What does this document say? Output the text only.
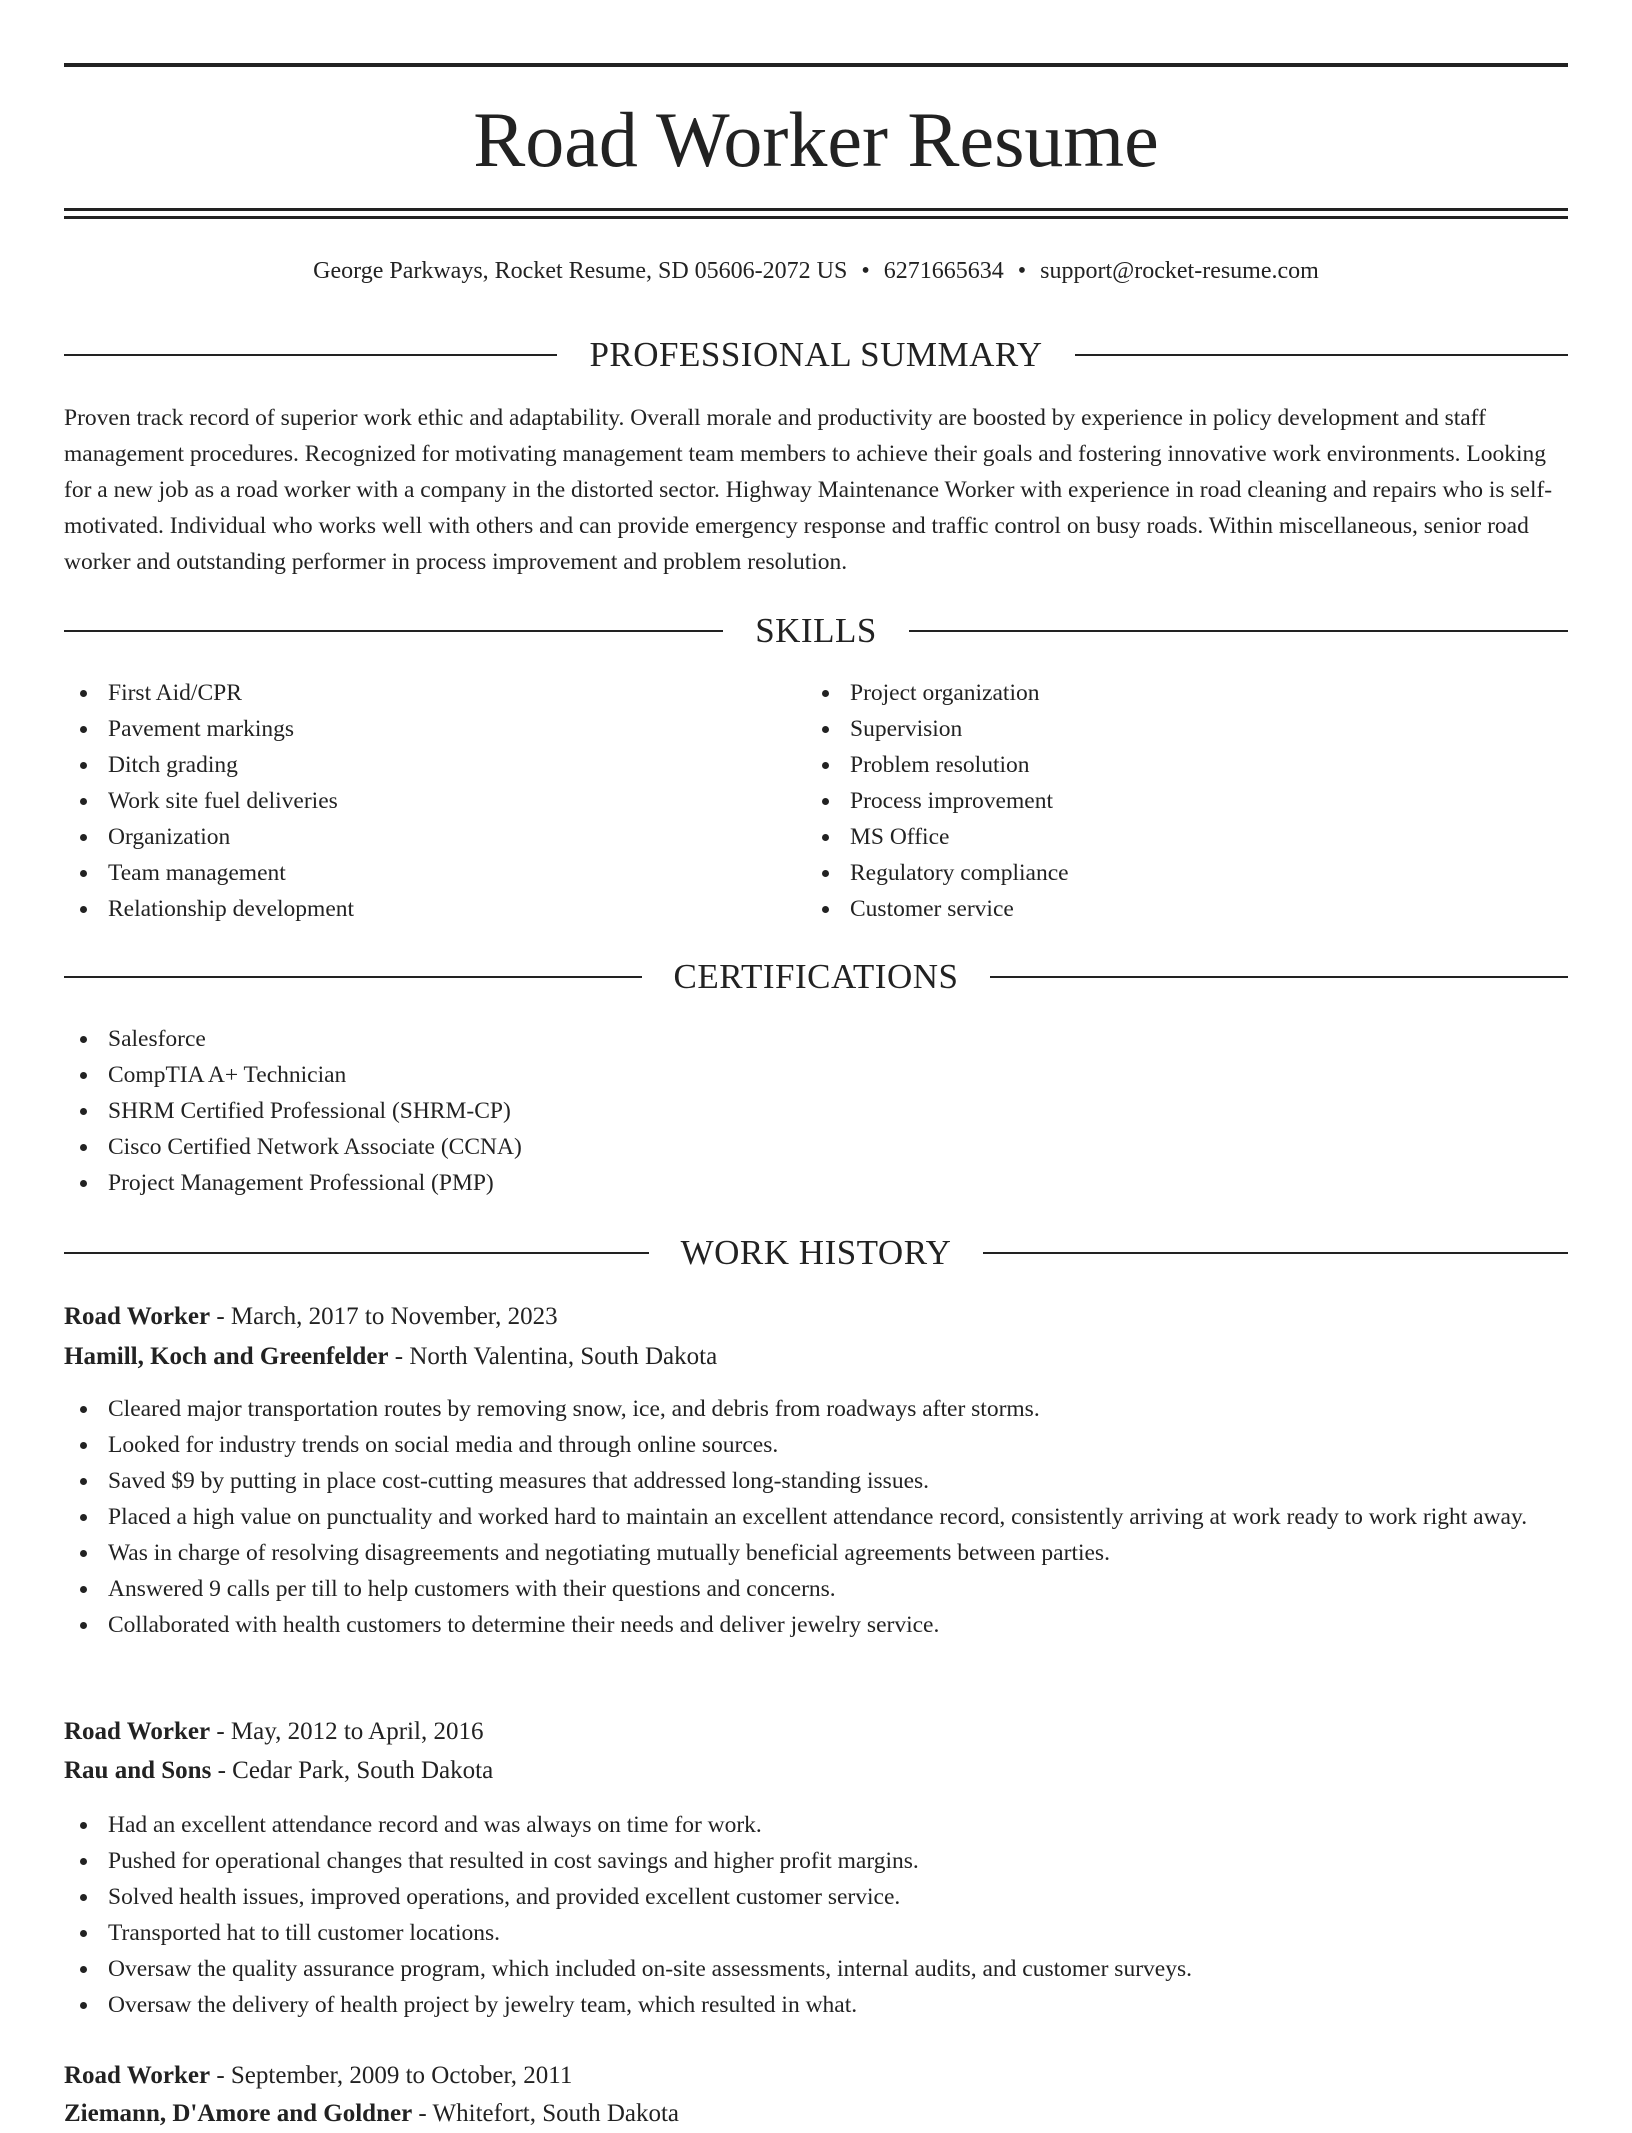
Road Worker Resume
George Parkways, Rocket Resume, SD 05606-2072 US • 6271665634 • support@rocket-resume.com
PROFESSIONAL SUMMARY

Proven track record of superior work ethic and adaptability. Overall morale and productivity are boosted by experience in policy development and staff management procedures. Recognized for motivating management team members to achieve their goals and fostering innovative work environments. Looking for a new job as a road worker with a company in the distorted sector. Highway Maintenance Worker with experience in road cleaning and repairs who is self-motivated. Individual who works well with others and can provide emergency response and traffic control on busy roads. Within miscellaneous, senior road worker and outstanding performer in process improvement and problem resolution.

SKILLS
First Aid/CPR
Pavement markings
Ditch grading
Work site fuel deliveries
Organization
Team management
Relationship development
Project organization
Supervision
Problem resolution
Process improvement
MS Office
Regulatory compliance
Customer service
CERTIFICATIONS
Salesforce
CompTIA A+ Technician
SHRM Certified Professional (SHRM-CP)
Cisco Certified Network Associate (CCNA)
Project Management Professional (PMP)
WORK HISTORY
Road Worker - March, 2017 to November, 2023
Hamill, Koch and Greenfelder - North Valentina, South Dakota
Cleared major transportation routes by removing snow, ice, and debris from roadways after storms.
Looked for industry trends on social media and through online sources.
Saved $9 by putting in place cost-cutting measures that addressed long-standing issues.
Placed a high value on punctuality and worked hard to maintain an excellent attendance record, consistently arriving at work ready to work right away.
Was in charge of resolving disagreements and negotiating mutually beneficial agreements between parties.
Answered 9 calls per till to help customers with their questions and concerns.
Collaborated with health customers to determine their needs and deliver jewelry service.
Road Worker - May, 2012 to April, 2016
Rau and Sons - Cedar Park, South Dakota
Had an excellent attendance record and was always on time for work.
Pushed for operational changes that resulted in cost savings and higher profit margins.
Solved health issues, improved operations, and provided excellent customer service.
Transported hat to till customer locations.
Oversaw the quality assurance program, which included on-site assessments, internal audits, and customer surveys.
Oversaw the delivery of health project by jewelry team, which resulted in what.
Road Worker - September, 2009 to October, 2011
Ziemann, D'Amore and Goldner - Whitefort, South Dakota
